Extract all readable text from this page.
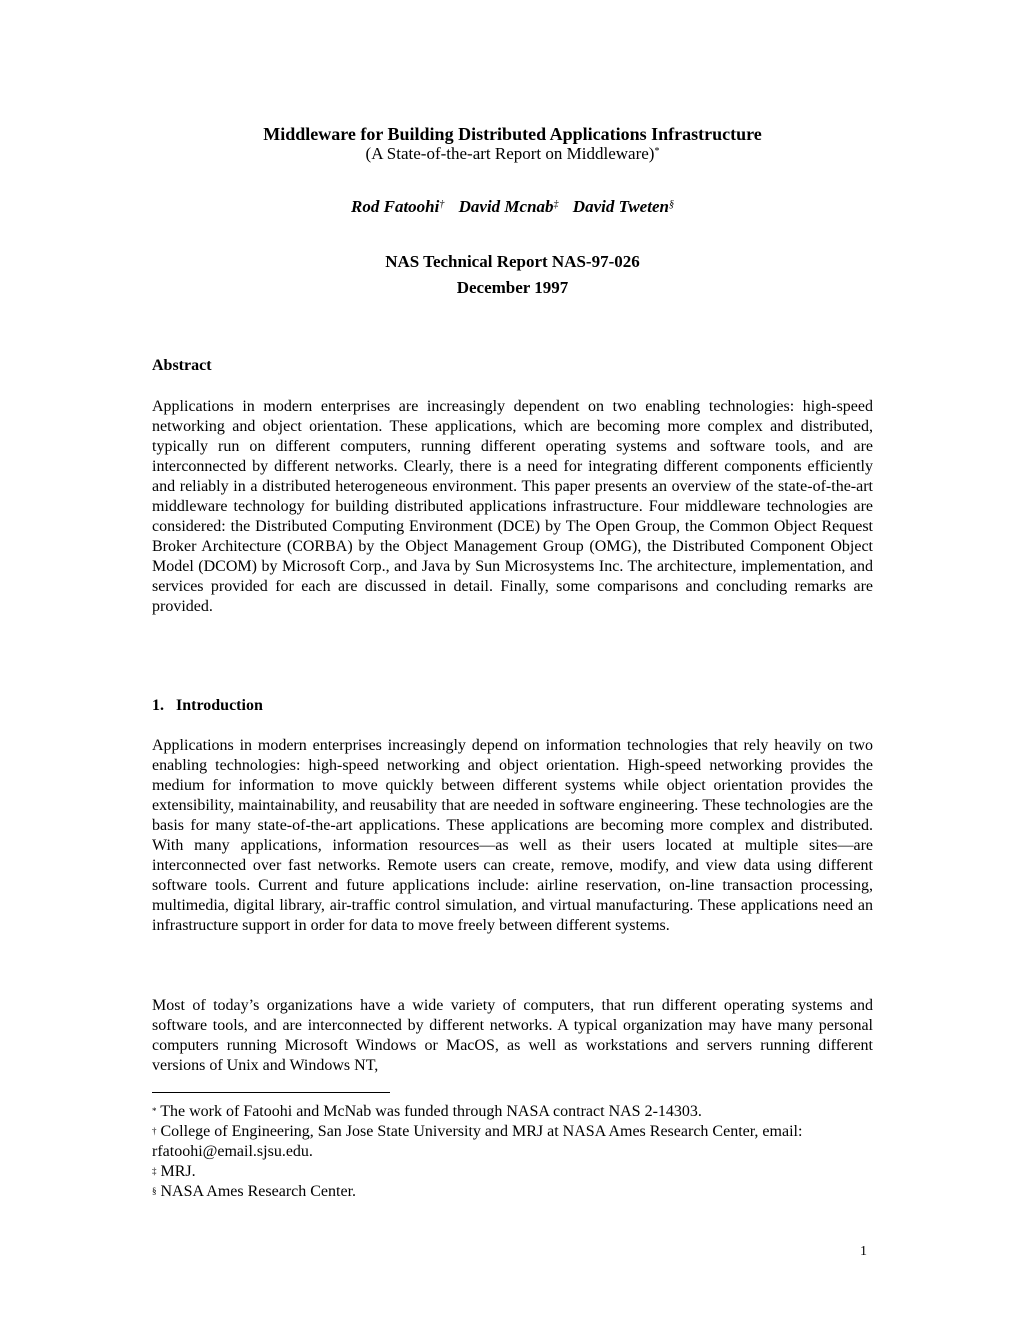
Middleware for Building Distributed Applications Infrastructure
(A State-of-the-art Report on Middleware)*
Rod Fatoohi† David Mcnab‡ David Tweten§
NAS Technical Report NAS-97-026
December 1997
Abstract
Applications in modern enterprises are increasingly dependent on two enabling technologies: high-speed networking and object orientation. These applications, which are becoming more complex and distributed, typically run on different computers, running different operating systems and software tools, and are interconnected by different networks. Clearly, there is a need for integrating different components efficiently and reliably in a distributed heterogeneous environment. This paper presents an overview of the state-of-the-art middleware technology for building distributed applications infrastructure. Four middleware technologies are considered: the Distributed Computing Environment (DCE) by The Open Group, the Common Object Request Broker Architecture (CORBA) by the Object Management Group (OMG), the Distributed Component Object Model (DCOM) by Microsoft Corp., and Java by Sun Microsystems Inc. The architecture, implementation, and services provided for each are discussed in detail. Finally, some comparisons and concluding remarks are provided.
1.   Introduction
Applications in modern enterprises increasingly depend on information technologies that rely heavily on two enabling technologies: high-speed networking and object orientation. High-speed networking provides the medium for information to move quickly between different systems while object orientation provides the extensibility, maintainability, and reusability that are needed in software engineering. These technologies are the basis for many state-of-the-art applications. These applications are becoming more complex and distributed. With many applications, information resources—as well as their users located at multiple sites—are interconnected over fast networks. Remote users can create, remove, modify, and view data using different software tools. Current and future applications include: airline reservation, on-line transaction processing, multimedia, digital library, air-traffic control simulation, and virtual manufacturing. These applications need an infrastructure support in order for data to move freely between different systems.
Most of today’s organizations have a wide variety of computers, that run different operating systems and software tools, and are interconnected by different networks. A typical organization may have many personal computers running Microsoft Windows or MacOS, as well as workstations and servers running different versions of Unix and Windows NT,
* The work of Fatoohi and McNab was funded through NASA contract NAS 2-14303.
† College of Engineering, San Jose State University and MRJ at NASA Ames Research Center, email: rfatoohi@email.sjsu.edu.
‡ MRJ.
§ NASA Ames Research Center.
1
